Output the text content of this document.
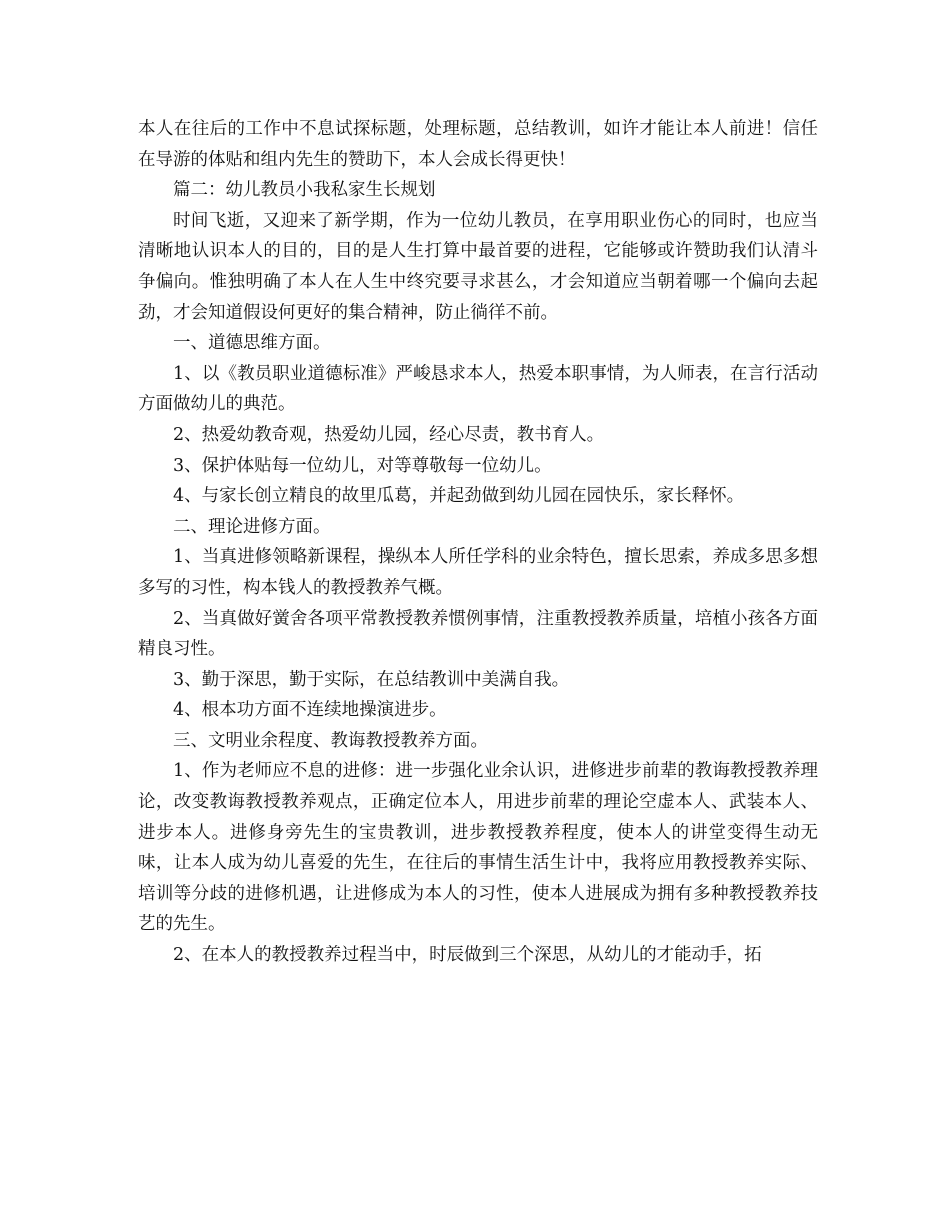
本人在往后的工作中不息试探标题，处理标题，总结教训，如许才能让本人前进！信任在导游的体贴和组内先生的赞助下，本人会成长得更快！

篇二：幼儿教员小我私家生长规划

时间飞逝，又迎来了新学期，作为一位幼儿教员，在享用职业伤心的同时，也应当清晰地认识本人的目的，目的是人生打算中最首要的进程，它能够或许赞助我们认清斗争偏向。惟独明确了本人在人生中终究要寻求甚么，才会知道应当朝着哪一个偏向去起劲，才会知道假设何更好的集合精神，防止徜徉不前。

一、道德思维方面。

1、以《教员职业道德标准》严峻恳求本人，热爱本职事情，为人师表，在言行活动方面做幼儿的典范。

2、热爱幼教奇观，热爱幼儿园，经心尽责，教书育人。

3、保护体贴每一位幼儿，对等尊敬每一位幼儿。

4、与家长创立精良的故里瓜葛，并起劲做到幼儿园在园快乐，家长释怀。

二、理论进修方面。

1、当真进修领略新课程，操纵本人所任学科的业余特色，擅长思索，养成多思多想多写的习性，构本钱人的教授教养气概。

2、当真做好黉舍各项平常教授教养惯例事情，注重教授教养质量，培植小孩各方面精良习性。

3、勤于深思，勤于实际，在总结教训中美满自我。

4、根本功方面不连续地操演进步。

三、文明业余程度、教诲教授教养方面。

1、作为老师应不息的进修：进一步强化业余认识，进修进步前辈的教诲教授教养理论，改变教诲教授教养观点，正确定位本人，用进步前辈的理论空虚本人、武装本人、进步本人。进修身旁先生的宝贵教训，进步教授教养程度，使本人的讲堂变得生动无味，让本人成为幼儿喜爱的先生，在往后的事情生活生计中，我将应用教授教养实际、培训等分歧的进修机遇，让进修成为本人的习性，使本人进展成为拥有多种教授教养技艺的先生。

2、在本人的教授教养过程当中，时辰做到三个深思，从幼儿的才能动手，拓
